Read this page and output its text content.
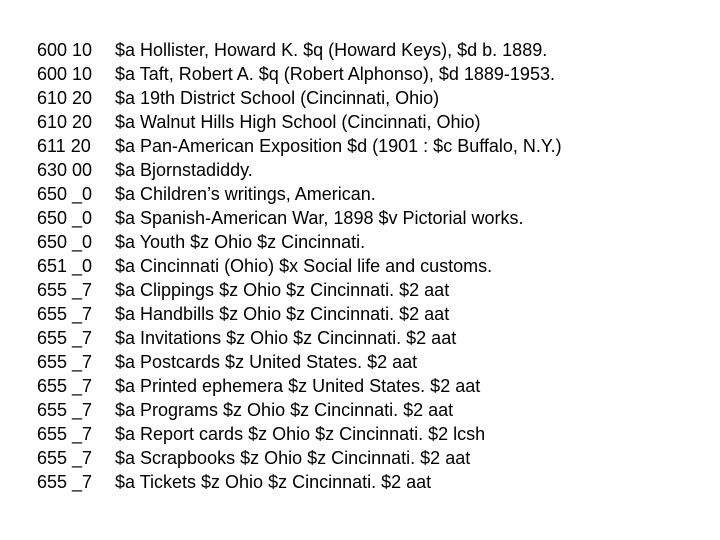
600 10	$a Hollister, Howard K. $q (Howard Keys), $d b. 1889.
600 10	$a Taft, Robert A. $q (Robert Alphonso), $d 1889-1953.
610 20	$a 19th District School (Cincinnati, Ohio)
610 20	$a Walnut Hills High School (Cincinnati, Ohio)
611 20	$a Pan-American Exposition $d (1901 : $c Buffalo, N.Y.)
630 00	$a Bjornstadiddy.
650 _0	$a Children’s writings, American.
650 _0	$a Spanish-American War, 1898 $v Pictorial works.
650 _0	$a Youth $z Ohio $z Cincinnati.
651 _0	$a Cincinnati (Ohio) $x Social life and customs.
655 _7	$a Clippings $z Ohio $z Cincinnati. $2 aat
655 _7	$a Handbills $z Ohio $z Cincinnati. $2 aat
655 _7	$a Invitations $z Ohio $z Cincinnati. $2 aat
655 _7	$a Postcards $z United States. $2 aat
655 _7	$a Printed ephemera $z United States. $2 aat
655 _7	$a Programs $z Ohio $z Cincinnati. $2 aat
655 _7	$a Report cards $z Ohio $z Cincinnati. $2 lcsh
655 _7	$a Scrapbooks $z Ohio $z Cincinnati. $2 aat
655 _7	$a Tickets $z Ohio $z Cincinnati. $2 aat
